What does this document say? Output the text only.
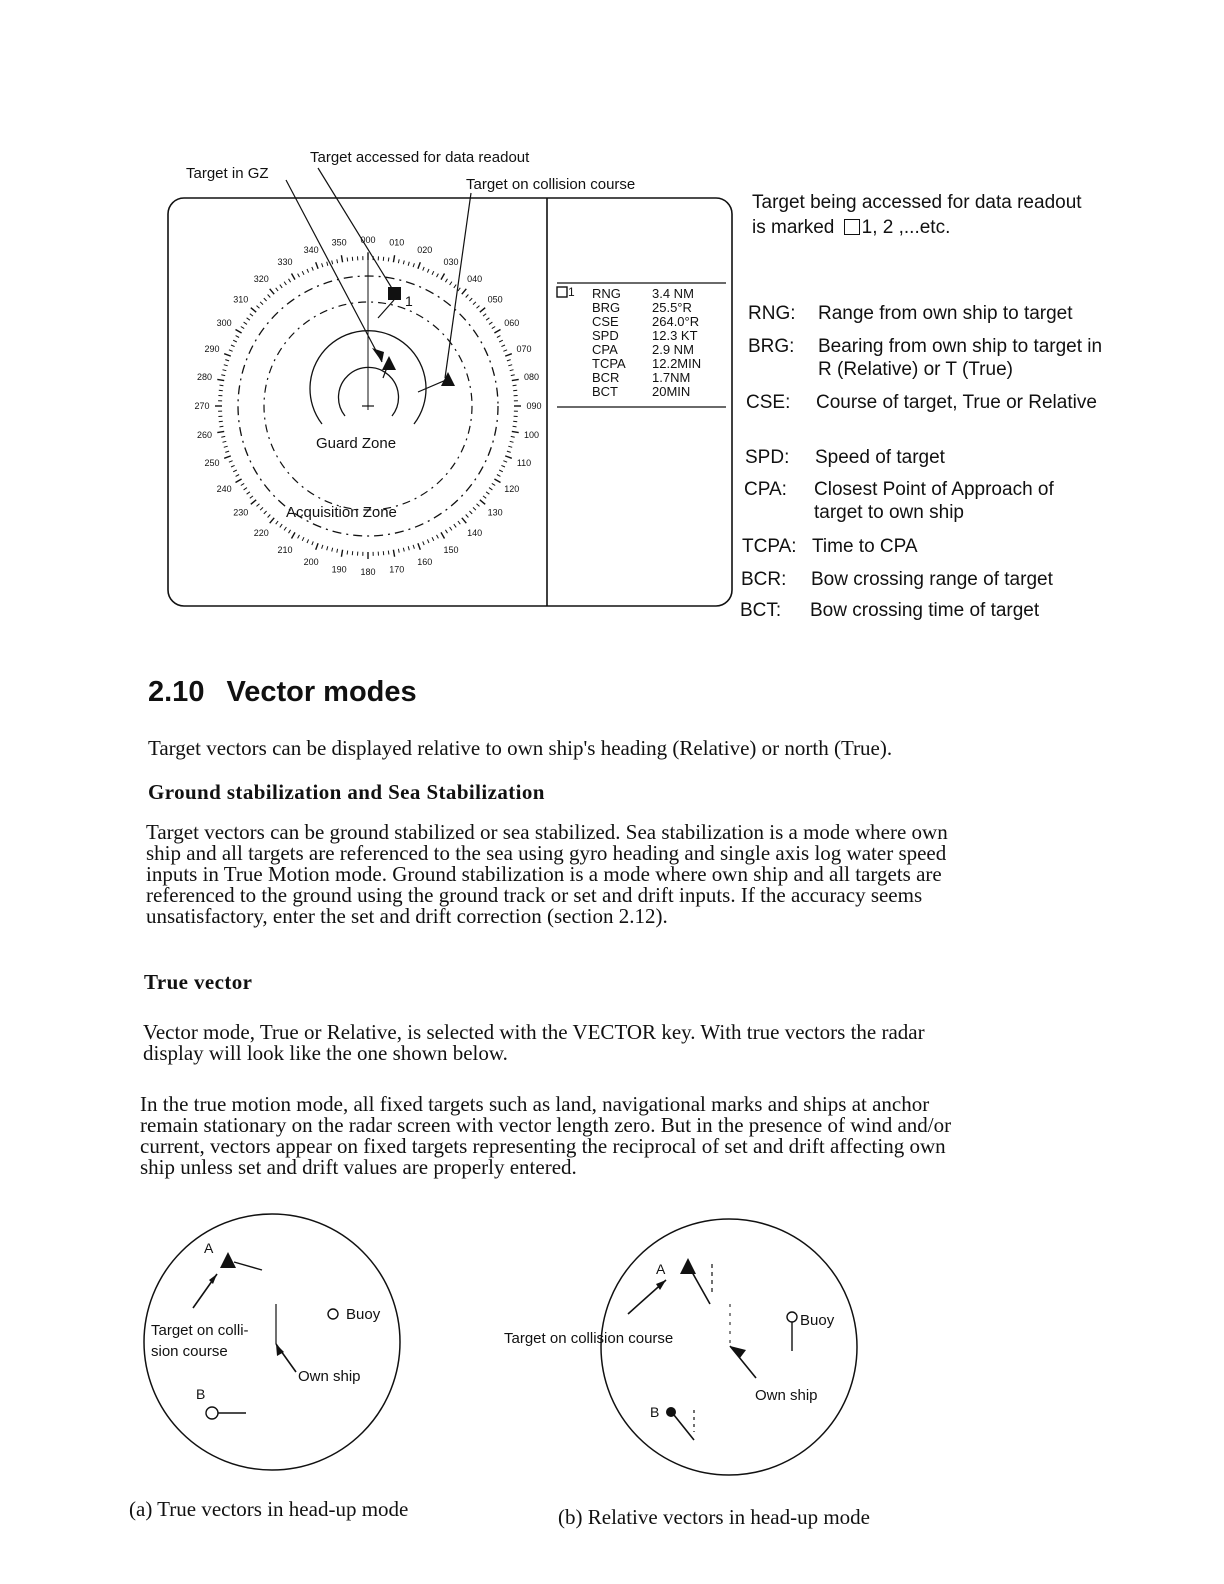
Target accessed for data readout
Target in GZ
Target on collision course
350 000 010
020
030
040
050
060
070
080
090
100
110
120
130
140
150
160
170
180
190
200
210
220
230
240
250
260
270
280
290
300
310
320
330
340
Guard Zone
Acquisition Zone
1
1 RNG 3.4 NM
BRG 25.5°R
CSE	264.0°R
SPD	12.3 KT
CPA	2.9 NM
TCPA 12.2MIN
BCR	1.7NM
BCT	20MIN
Target being accessed for data readout
is marked 1, 2 ,...etc.
RNG: Range from own ship to target
BRG: Bearing from own ship to target in R (Relative) or T (True)
CSE: Course of target, True or Relative
SPD: Speed of target
CPA: Closest Point of Approach of target to own ship
TCPA: Time to CPA
BCR: Bow crossing range of target
BCT: Bow crossing time of target
2.10 Vector modes
Target vectors can be displayed relative to own ship's heading (Relative) or north (True).
Ground stabilization and Sea Stabilization
Target vectors can be ground stabilized or sea stabilized. Sea stabilization is a mode where own
ship and all targets are referenced to the sea using gyro heading and single axis log water speed
inputs in True Motion mode. Ground stabilization is a mode where own ship and all targets are
referenced to the ground using the ground track or set and drift inputs. If the accuracy seems
unsatisfactory, enter the set and drift correction (section 2.12).
True vector
Vector mode, True or Relative, is selected with the VECTOR key. With true vectors the radar
display will look like the one shown below.
In the true motion mode, all fixed targets such as land, navigational marks and ships at anchor
remain stationary on the radar screen with vector length zero. But in the presence of wind and/or
current, vectors appear on fixed targets representing the reciprocal of set and drift affecting own
ship unless set and drift values are properly entered.
A
Target on colli-
sion course
Buoy
Own ship
B
A
Target on collision course
Buoy
Own ship
B
(a) True vectors in head-up mode	(b) Relative vectors in head-up mode
